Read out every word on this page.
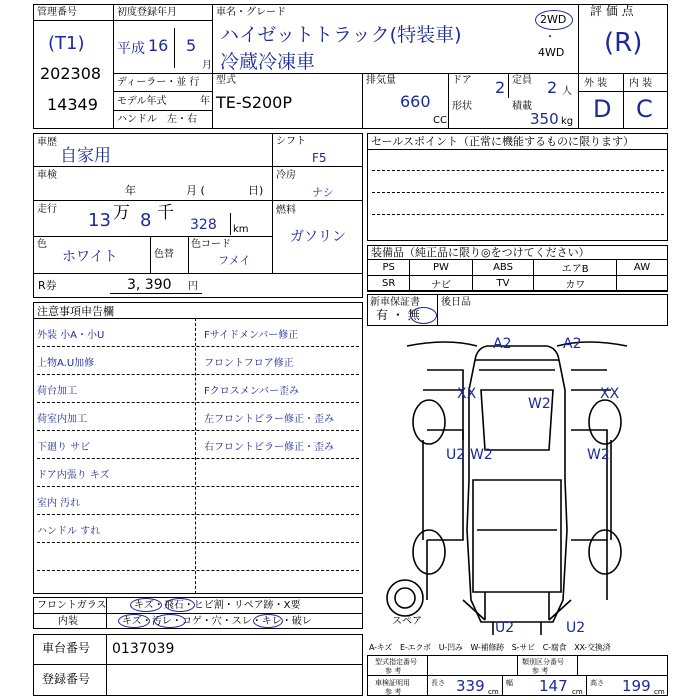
管理番号
(T1)
202308
14349
初度登録年月
平成 16 5
月
ディーラー・並 行
モデル年式	年
ハンドル　左・右
車名・グレード
ハイゼットトラック(特装車)
冷蔵冷凍車
2WD
・
4WD
型式
TE-S200P
排気量
660
CC
ドア 2 定員 2 人
形状	積載
350 kg
評 価 点
(R)
外 装 内 装
D C
車歴
自家用
車検
年	月 (	日)
走行
13 万 8 千
328 km
色
ホワイト	色替
色コード
フメイ
R券	3, 390 円
シフト
F5
冷房
ナシ
燃料
ガソリン
セールスポイント（正常に機能するものに限ります）
装備品（純正品に限り◎をつけてください）
PS	PW	ABS	エアB	AW
SR	ナビ	TV	カワ	
新車保証書
有 ・ 無
後日品
注意事項申告欄
外装 小A・小U
上物A.U加修
荷台加工
荷室内加工
下廻り サビ
ドア内張り キズ
室内 汚れ
ハンドル すれ
Fサイドメンバー修正
フロントフロア修正
Fクロスメンバー歪み
左フロントピラー修正・歪み
右フロントピラー修正・歪み
フロントガラス	キズ・飛石・ヒビ割・リペア跡・X要
内装	キズ・汚レ・コゲ・穴・スレ・キレ・破レ
車台番号 0137039
登録番号
A2	A2
XX
W2
XX
U2 W2	W2
U2	U2
スペア
A-キズ　E-エクボ　U-凹み　W-補修跡　S-サビ　C-腐食　XX-交換済
型式指定番号
参 考
類別区分番号
参 考
車検証明用
参 考
長さ 339 cm
幅 147 cm
高さ 199 cm
